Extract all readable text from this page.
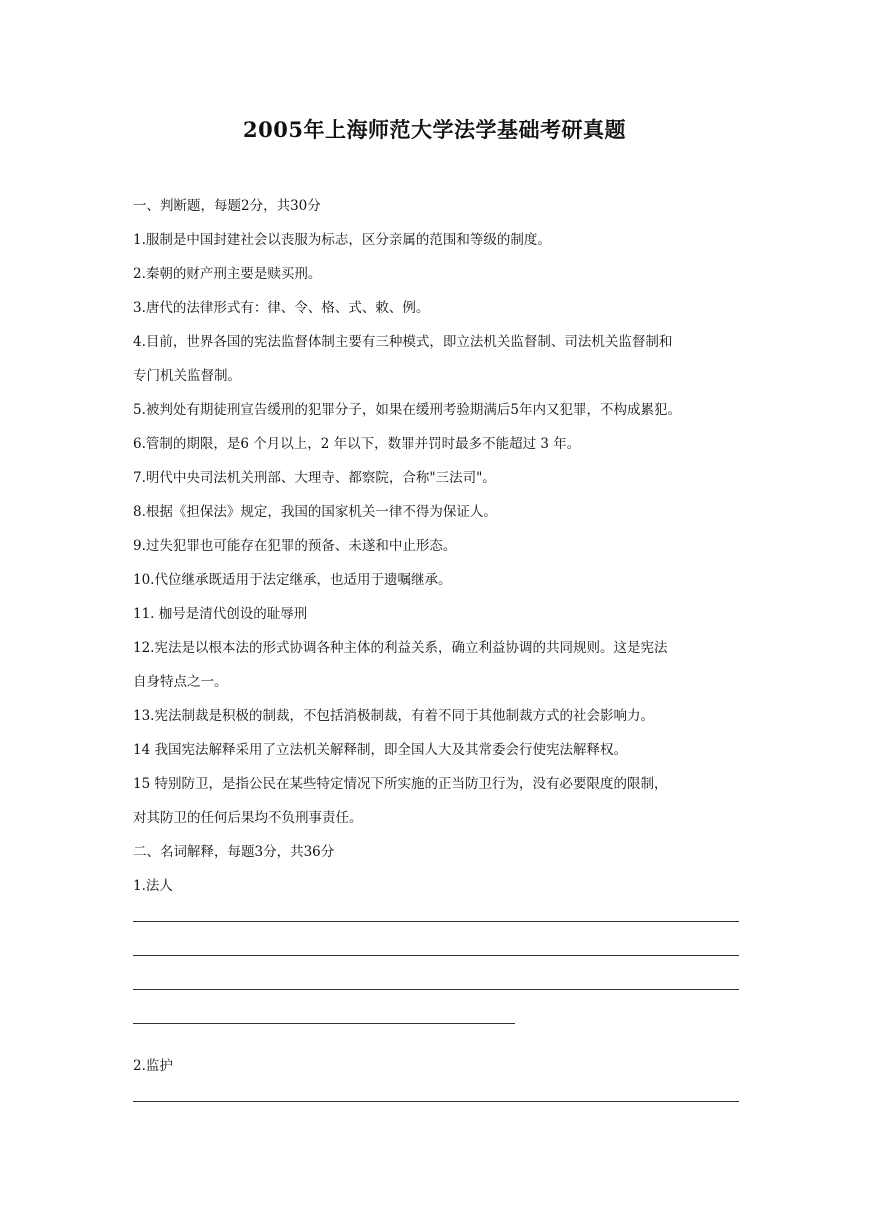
2005年上海师范大学法学基础考研真题

一、判断题，每题2分，共30分

1.服制是中国封建社会以丧服为标志，区分亲属的范围和等级的制度。

2.秦朝的财产刑主要是赎买刑。

3.唐代的法律形式有：律、令、格、式、敕、例。

4.目前，世界各国的宪法监督体制主要有三种模式，即立法机关监督制、司法机关监督制和

专门机关监督制。

5.被判处有期徒刑宣告缓刑的犯罪分子，如果在缓刑考验期满后5年内又犯罪，不构成累犯。

6.管制的期限，是6 个月以上，2 年以下，数罪并罚时最多不能超过 3 年。

7.明代中央司法机关刑部、大理寺、都察院，合称"三法司"。

8.根据《担保法》规定，我国的国家机关一律不得为保证人。

9.过失犯罪也可能存在犯罪的预备、未遂和中止形态。

10.代位继承既适用于法定继承，也适用于遗嘱继承。

11. 枷号是清代创设的耻辱刑

12.宪法是以根本法的形式协调各种主体的利益关系，确立利益协调的共同规则。这是宪法

自身特点之一。

13.宪法制裁是积极的制裁，不包括消极制裁，有着不同于其他制裁方式的社会影响力。

14 我国宪法解释采用了立法机关解释制，即全国人大及其常委会行使宪法解释权。

15 特别防卫，是指公民在某些特定情况下所实施的正当防卫行为，没有必要限度的限制，

对其防卫的任何后果均不负刑事责任。

二、名词解释，每题3分，共36分

1.法人

2.监护
